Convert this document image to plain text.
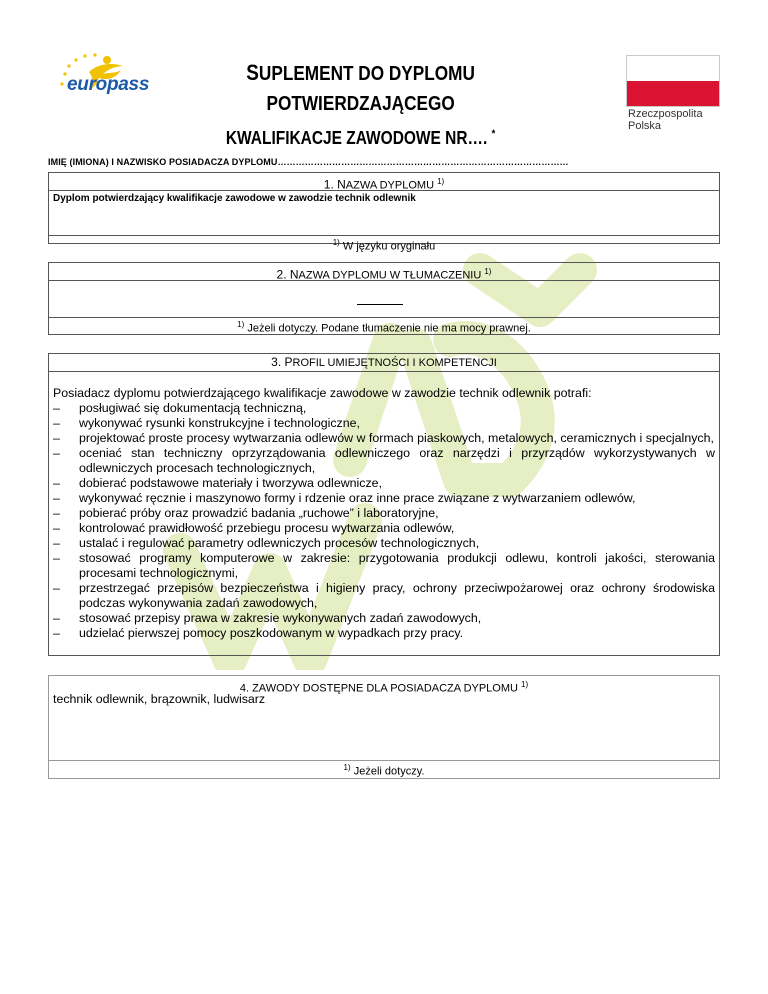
europass	SUPLEMENT DO DYPLOMU POTWIERDZAJĄCEGO
KWALIFIKACJE ZAWODOWE NR…. *
Rzeczpospolita
Polska
IMIĘ (IMIONA) I NAZWISKO POSIADACZA DYPLOMU……………………………………………………………………………………
1. NAZWA DYPLOMU $^{1)}$
Dyplom potwierdzający kwalifikacje zawodowe w zawodzie technik odlewnik
$^{1)}$ W języku oryginału
2. NAZWA DYPLOMU W TŁUMACZENIU $^{1)}$
$^{1)}$ Jeżeli dotyczy. Podane tłumaczenie nie ma mocy prawnej.
3. PROFIL UMIEJĘTNOŚCI I KOMPETENCJI
Posiadacz dyplomu potwierdzającego kwalifikacje zawodowe w zawodzie technik odlewnik potrafi:
– posługiwać się dokumentacją techniczną,
– wykonywać rysunki konstrukcyjne i technologiczne,
– projektować proste procesy wytwarzania odlewów w formach piaskowych, metalowych, ceramicznych i specjalnych,
– oceniać stan techniczny oprzyrządowania odlewniczego oraz narzędzi i przyrządów wykorzystywanych w odlewniczych procesach technologicznych,
– dobierać podstawowe materiały i tworzywa odlewnicze,
– wykonywać ręcznie i maszynowo formy i rdzenie oraz inne prace związane z wytwarzaniem odlewów,
– pobierać próby oraz prowadzić badania „ruchowe” i laboratoryjne,
– kontrolować prawidłowość przebiegu procesu wytwarzania odlewów,
– ustalać i regulować parametry odlewniczych procesów technologicznych,
– stosować programy komputerowe w zakresie: przygotowania produkcji odlewu, kontroli jakości, sterowania procesami technologicznymi,
– przestrzegać przepisów bezpieczeństwa i higieny pracy, ochrony przeciwpożarowej oraz ochrony środowiska podczas wykonywania zadań zawodowych,
– stosować przepisy prawa w zakresie wykonywanych zadań zawodowych,
– udzielać pierwszej pomocy poszkodowanym w wypadkach przy pracy.
4. ZAWODY DOSTĘPNE DLA POSIADACZA DYPLOMU $^{1)}$
technik odlewnik, brązownik, ludwisarz
$^{1)}$ Jeżeli dotyczy.
